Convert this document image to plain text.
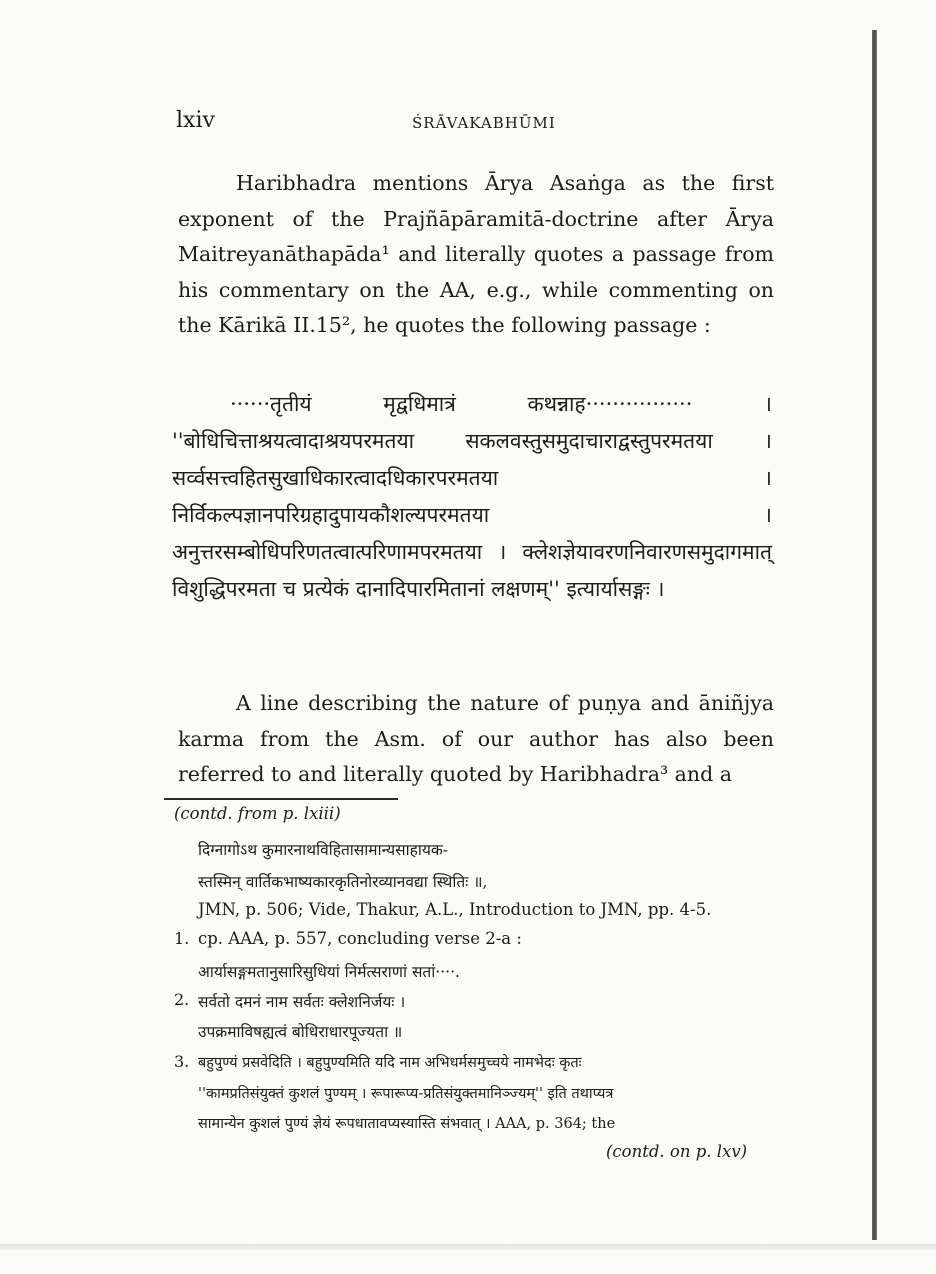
lxiv	ŚRĀVAKABHŪMI

Haribhadra mentions Ārya Asaṅga as the first exponent of the Prajñāpāramitā-doctrine after Ārya Maitreyanāthapāda¹ and literally quotes a passage from his commentary on the AA, e.g., while commenting on the Kārikā II.15², he quotes the following passage :

······तृतीयं मृद्वधिमात्रं कथन्नाह················ । ''बोधिचित्ताश्रयत्वादाश्रयपरमतया सकलवस्तुसमुदाचाराद्वस्तुपरमतया । सर्व्वसत्त्वहितसुखाधिकारत्वादधिकारपरमतया । निर्विकल्पज्ञानपरिग्रहादुपायकौशल्यपरमतया । अनुत्तरसम्बोधिपरिणतत्वात्परिणामपरमतया । क्लेशज्ञेयावरणनिवारणसमुदागमात् विशुद्धिपरमता च प्रत्येकं दानादिपारमितानां लक्षणम्'' इत्यार्यासङ्गः ।

A line describing the nature of puṇya and āniñjya karma from the Asm. of our author has also been referred to and literally quoted by Haribhadra³ and a

(contd. from p. lxiii)
दिग्नागोऽथ कुमारनाथविहितासामान्यसाहायक-
स्तस्मिन् वार्तिकभाष्यकारकृतिनोरव्यानवद्या स्थितिः ॥,
JMN, p. 506; Vide, Thakur, A.L., Introduction to JMN, pp. 4-5.
1. cp. AAA, p. 557, concluding verse 2-a :
आर्यासङ्गमतानुसारिसुधियां निर्मत्सराणां सतां····.
2. सर्वतो दमनं नाम सर्वतः क्लेशनिर्जयः ।
उपक्रमाविषह्यत्वं बोधिराधारपूज्यता ॥
3. बहुपुण्यं प्रसवेदिति । बहुपुण्यमिति यदि नाम अभिधर्मसमुच्चये नामभेदः कृतः
''कामप्रतिसंयुक्तं कुशलं पुण्यम् । रूपारूप्य-प्रतिसंयुक्तमानिञ्ज्यम्'' इति तथाप्यत्र
सामान्येन कुशलं पुण्यं ज्ञेयं रूपधातावप्यस्यास्ति संभवात् । AAA, p. 364; the
(contd. on p. lxv)
